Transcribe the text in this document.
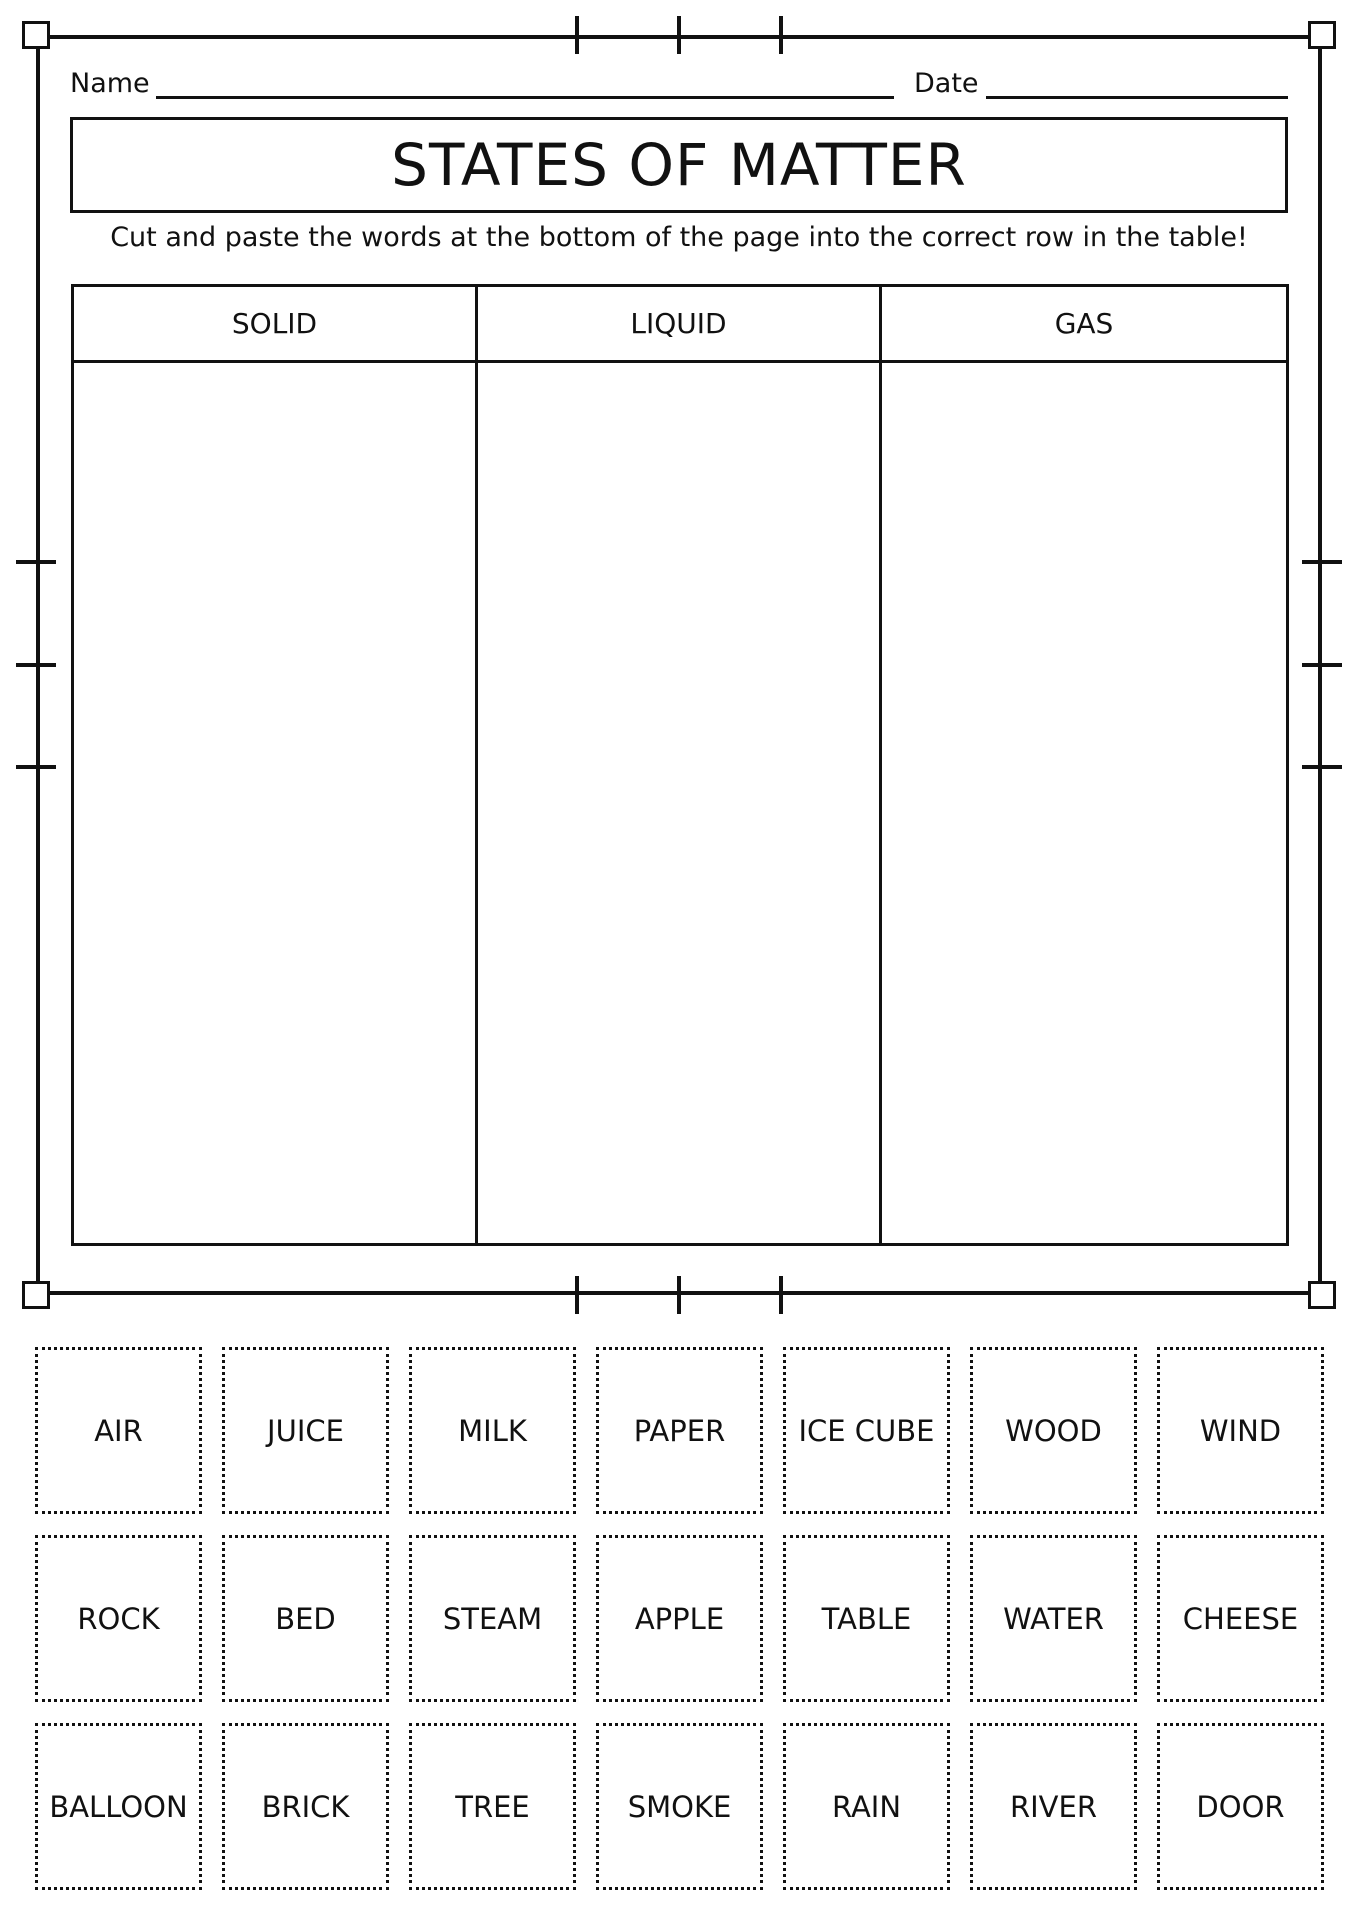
Name	Date
STATES OF MATTER
Cut and paste the words at the bottom of the page into the correct row in the table!
SOLID	LIQUID	GAS
AIR	JUICE	MILK	PAPER	ICE CUBE	WOOD	WIND
ROCK	BED	STEAM	APPLE	TABLE	WATER	CHEESE
BALLOON	BRICK	TREE	SMOKE	RAIN	RIVER	DOOR
